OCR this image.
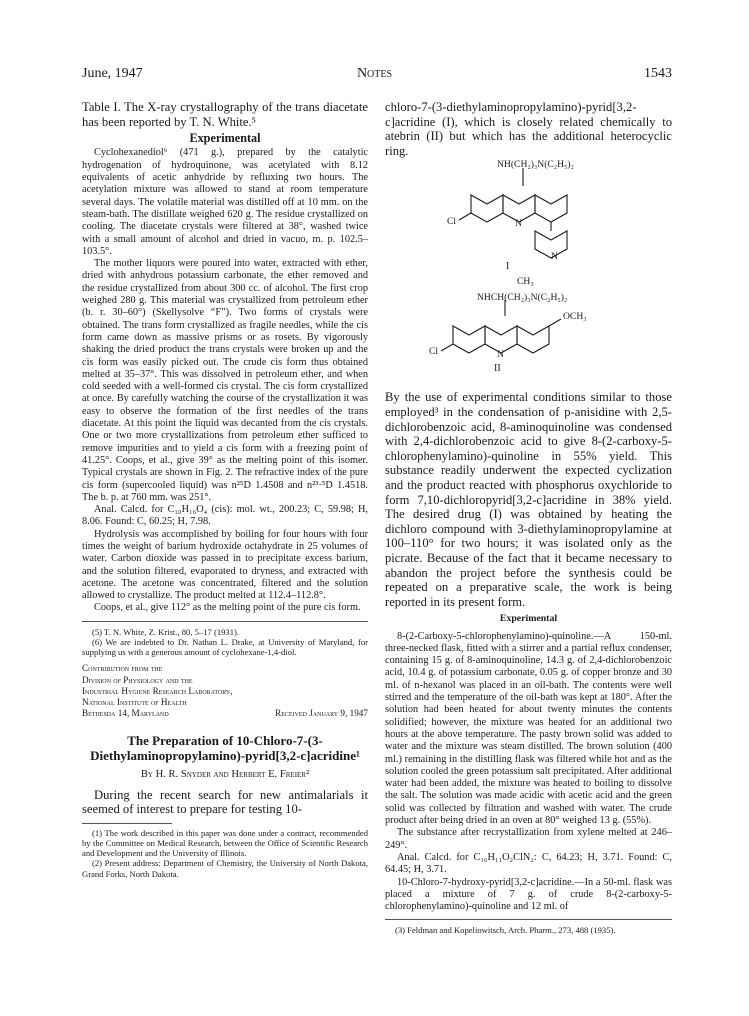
June, 1947	Notes	1543

Table I. The X-ray crystallography of the trans diacetate has been reported by T. N. White.⁵

Experimental

Cyclohexanediol⁶ (471 g.), prepared by the catalytic hydrogenation of hydroquinone, was acetylated with 8.12 equivalents of acetic anhydride by refluxing two hours. The acetylation mixture was allowed to stand at room temperature several days. The volatile material was distilled off at 10 mm. on the steam-bath. The distillate weighed 620 g. The residue crystallized on cooling. The diacetate crystals were filtered at 38°, washed twice with a small amount of alcohol and dried in vacuo, m. p. 102.5–103.5°.

The mother liquors were poured into water, extracted with ether, dried with anhydrous potassium carbonate, the ether removed and the residue crystallized from about 300 cc. of alcohol. The first crop weighed 280 g. This material was crystallized from petroleum ether (b. r. 30–60°) (Skellysolve “F”). Two forms of crystals were obtained. The trans form crystallized as fragile needles, while the cis form came down as massive prisms or as rosets. By vigorously shaking the dried product the trans crystals were broken up and the cis form was easily picked out. The crude cis form thus obtained melted at 35–37°. This was dissolved in petroleum ether, and when cold seeded with a well-formed cis crystal. The cis form crystallized at once. By carefully watching the course of the crystallization it was easy to observe the formation of the first needles of the trans diacetate. At this point the liquid was decanted from the cis crystals. One or two more crystallizations from petroleum ether sufficed to remove impurities and to yield a cis form with a freezing point of 41.25°. Coops, et al., give 39° as the melting point of this isomer. Typical crystals are shown in Fig. 2. The refractive index of the pure cis form (supercooled liquid) was n²⁵D 1.4508 and n²³·⁵D 1.4518. The b. p. at 760 mm. was 251°.

Anal. Calcd. for C₁₀H₁₆O₄ (cis): mol. wt., 200.23; C, 59.98; H, 8.06. Found: C, 60.25; H, 7.98.

Hydrolysis was accomplished by boiling for four hours with four times the weight of barium hydroxide octahydrate in 25 volumes of water. Carbon dioxide was passed in to precipitate excess barium, and the solution filtered, evaporated to dryness, and extracted with acetone. The acetone was concentrated, filtered and the solution allowed to crystallize. The product melted at 112.4–112.8°.

Coops, et al., give 112° as the melting point of the pure cis form.

(5) T. N. White, Z. Krist., 80, 5–17 (1931).

(6) We are indebted to Dr. Nathan L. Drake, at University of Maryland, for supplying us with a generous amount of cyclohexane-1,4-diol.

Contribution from the
Division of Physiology and the
Industrial Hygiene Research Laboratory,
National Institute of Health
Bethesda 14, Maryland	Received January 9, 1947
The Preparation of 10-Chloro-7-(3-Diethylaminopropylamino)-pyrid[3,2-c]acridine¹
By H. R. Snyder and Herbert E. Freier²

During the recent search for new antimalarials it seemed of interest to prepare for testing 10-

(1) The work described in this paper was done under a contract, recommended by the Committee on Medical Research, between the Office of Scientific Research and Development and the University of Illinois.

(2) Present address: Department of Chemistry, the University of North Dakota, Grand Forks, North Dakota.

chloro-7-(3-diethylaminopropylamino)-pyrid[3,2-c]acridine (I), which is closely related chemically to atebrin (II) but which has the additional heterocyclic ring.

NH(CH₂)₃N(C₂H₅)₂
Cl	N
N
I
CH₃
NHCH(CH₂)₃N(C₂H₅)₂
OCH₃
Cl	N
II

By the use of experimental conditions similar to those employed³ in the condensation of p-anisidine with 2,5-dichlorobenzoic acid, 8-aminoquinoline was condensed with 2,4-dichlorobenzoic acid to give 8-(2-carboxy-5-chlorophenylamino)-quinoline in 55% yield. This substance readily underwent the expected cyclization and the product reacted with phosphorus oxychloride to form 7,10-dichloropyrid[3,2-c]acridine in 38% yield. The desired drug (I) was obtained by heating the dichloro compound with 3-diethylaminopropylamine at 100–110° for two hours; it was isolated only as the picrate. Because of the fact that it became necessary to abandon the project before the synthesis could be repeated on a preparative scale, the work is being reported in its present form.

Experimental

8-(2-Carboxy-5-chlorophenylamino)-quinoline.—A 150-ml. three-necked flask, fitted with a stirrer and a partial reflux condenser, containing 15 g. of 8-aminoquinoline, 14.3 g. of 2,4-dichlorobenzoic acid, 10.4 g. of potassium carbonate, 0.05 g. of copper bronze and 30 ml. of n-hexanol was placed in an oil-bath. The contents were well stirred and the temperature of the oil-bath was kept at 180°. After the solution had been heated for about twenty minutes the contents solidified; however, the mixture was heated for an additional two hours at the above temperature. The pasty brown solid was added to water and the mixture was steam distilled. The brown solution (400 ml.) remaining in the distilling flask was filtered while hot and as the solution cooled the green potassium salt precipitated. After additional water had been added, the mixture was heated to boiling to dissolve the salt. The solution was made acidic with acetic acid and the green solid was collected by filtration and washed with water. The crude product after being dried in an oven at 80° weighed 13 g. (55%).

The substance after recrystallization from xylene melted at 246–249°.

Anal. Calcd. for C₁₆H₁₁O₂ClN₂: C, 64.23; H, 3.71. Found: C, 64.45; H, 3.71.

10-Chloro-7-hydroxy-pyrid[3,2-c]acridine.—In a 50-ml. flask was placed a mixture of 7 g. of crude 8-(2-carboxy-5-chlorophenylamino)-quinoline and 12 ml. of

(3) Feldman and Kopeliowitsch, Arch. Pharm., 273, 488 (1935).
